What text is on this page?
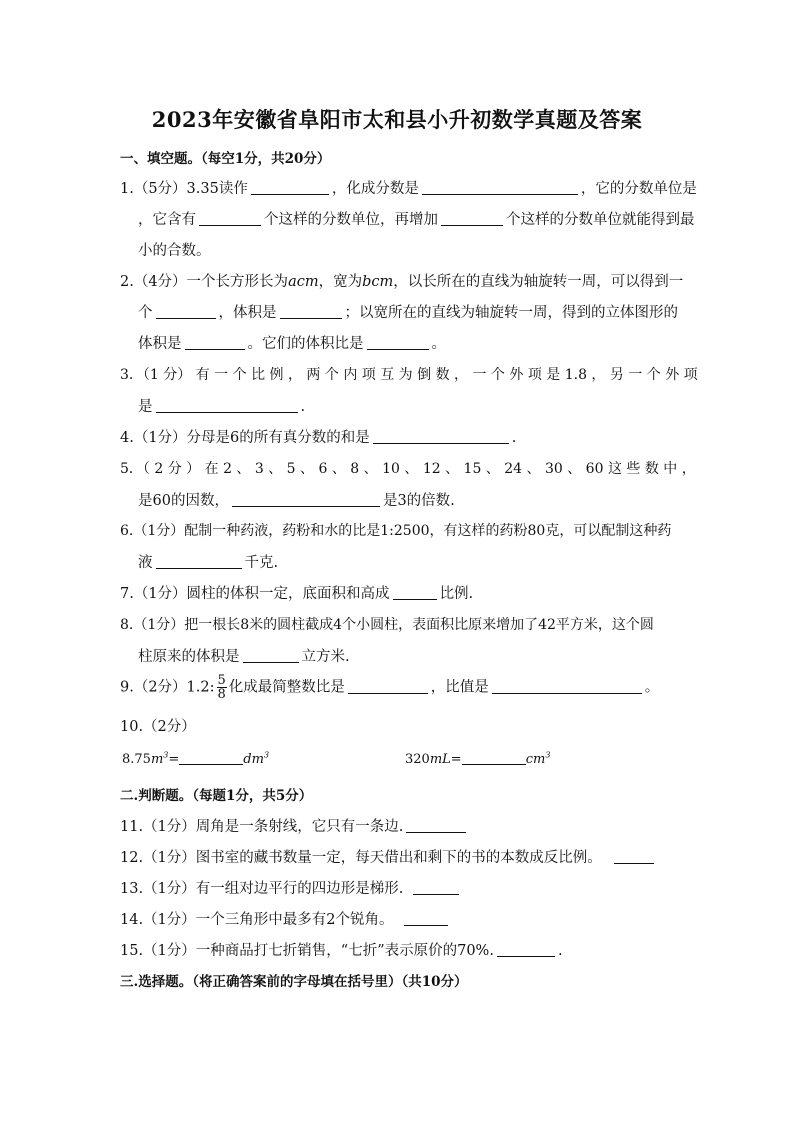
2023年安徽省阜阳市太和县小升初数学真题及答案
一、填空题。（每空1分，共20分）
1.（5分）3.35读作	，化成分数是	，它的分数单位是
，它含有	个这样的分数单位，再增加	个这样的分数单位就能得到最
小的合数。
2.（4分）一个长方形长为acm，宽为bcm，以长所在的直线为轴旋转一周，可以得到一
个	，体积是	；以宽所在的直线为轴旋转一周，得到的立体图形的
体积是	。它们的体积比是	。
3．（1 分） 有 一 个 比 例 ， 两 个 内 项 互 为 倒 数 ， 一 个 外 项 是 1.8 ， 另 一 个 外 项
是	.
4.（1分）分母是6的所有真分数的和是	.
5．（ 2 分 ） 在 2 、 3 、 5 、 6 、 8 、 10 、 12 、 15 、 24 、 30 、 60 这 些 数 中 ，
是60的因数，	是3的倍数.
6.（1分）配制一种药液，药粉和水的比是1:2500，有这样的药粉80克，可以配制这种药
液	千克.
7.（1分）圆柱的体积一定，底面积和高成	比例.
8.（1分）把一根长8米的圆柱截成4个小圆柱，表面积比原来增加了42平方米，这个圆
柱原来的体积是	立方米.
9.（2分）1.2: $\frac{5}{8}$ 化成最简整数比是	，比值是	。
10.（2分）
$8.75m^3=$	$dm^3$	320mL=	$cm^3$
二.判断题。（每题1分，共5分）
11.（1分）周角是一条射线，它只有一条边.
12.（1分）图书室的藏书数量一定，每天借出和剩下的书的本数成反比例。
13.（1分）有一组对边平行的四边形是梯形.
14.（1分）一个三角形中最多有2个锐角。
15.（1分）一种商品打七折销售，“七折”表示原价的70%.	.
三.选择题。（将正确答案前的字母填在括号里）（共10分）
